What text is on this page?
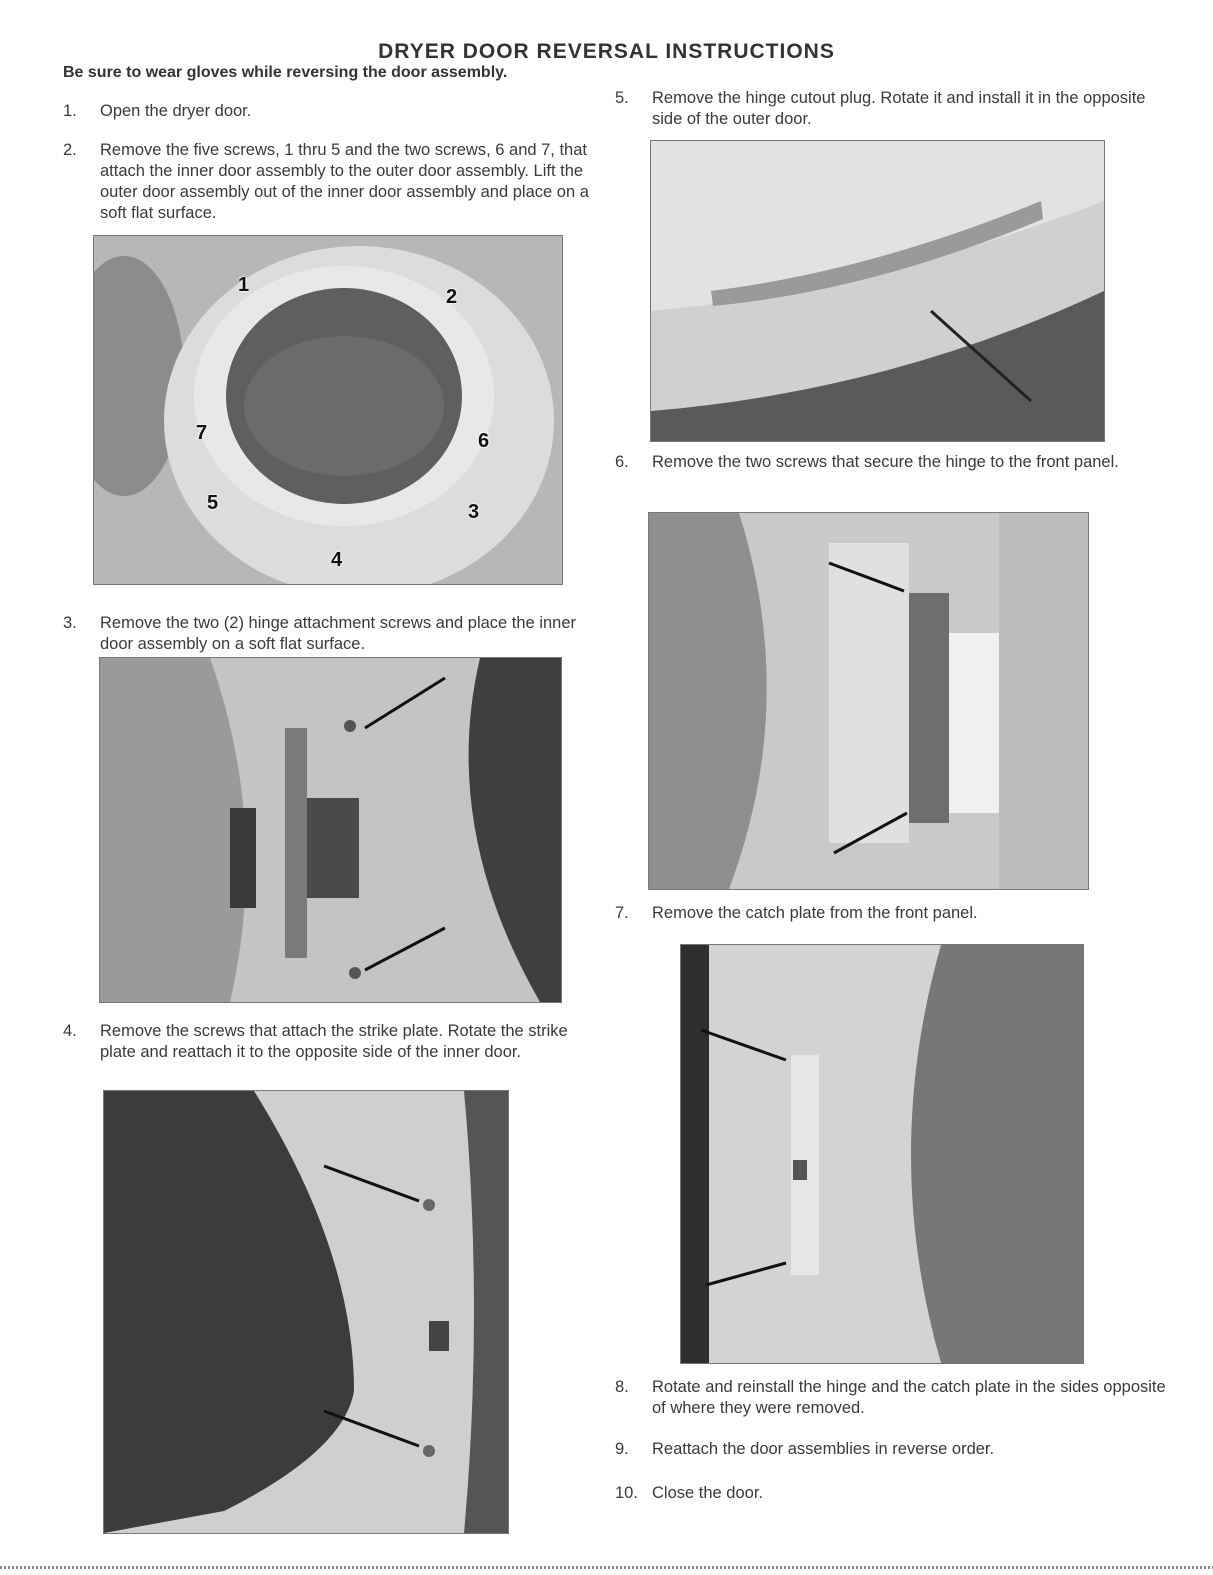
DRYER DOOR REVERSAL INSTRUCTIONS
Be sure to wear gloves while reversing the door assembly.
1. Open the dryer door.
2. Remove the five screws, 1 thru 5 and the two screws, 6 and 7, that attach the inner door assembly to the outer door assembly. Lift the outer door assembly out of the inner door assembly and place on a soft flat surface.
1
2
3
4
5
6
7
3. Remove the two (2) hinge attachment screws and place the inner door assembly on a soft flat surface.
4. Remove the screws that attach the strike plate. Rotate the strike plate and reattach it to the opposite side of the inner door.
5. Remove the hinge cutout plug. Rotate it and install it in the opposite side of the outer door.
6. Remove the two screws that secure the hinge to the front panel.
7. Remove the catch plate from the front panel.
8. Rotate and reinstall the hinge and the catch plate in the sides opposite of where they were removed.
9. Reattach the door assemblies in reverse order.
10. Close the door.
